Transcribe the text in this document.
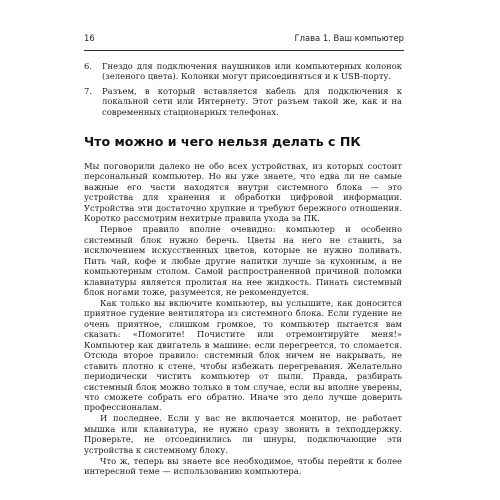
16	Глава 1. Ваш компьютер
6. Гнездо для подключения наушников или компьютерных колонок (зеленого цвета). Колонки могут присоединяться и к USB-порту.
7. Разъем, в который вставляется кабель для подключения к локальной сети или Интернету. Этот разъем такой же, как и на современных стационарных телефонах.
Что можно и чего нельзя делать с ПК

Мы поговорили далеко не обо всех устройствах, из которых состоит персональный компьютер. Но вы уже знаете, что едва ли не самые важные его части находятся внутри системного блока — это устройства для хранения и обработки цифровой информации. Устройства эти достаточно хрупкие и требуют бережного отношения. Коротко рассмотрим нехитрые правила ухода за ПК.

Первое правило вполне очевидно: компьютер и особенно системный блок нужно беречь. Цветы на него не ставить, за исключением искусственных цветов, которые не нужно поливать. Пить чай, кофе и любые другие напитки лучше за кухонным, а не компьютерным столом. Самой распространенной причиной поломки клавиатуры является пролитая на нее жидкость. Пинать системный блок ногами тоже, разумеется, не рекомендуется.

Как только вы включите компьютер, вы услышите, как доносится приятное гудение вентилятора из системного блока. Если гудение не очень приятное, слишком громкое, то компьютер пытается вам сказать: «Помогите! Почистите или отремонтируйте меня!» Компьютер как двигатель в машине: если перегреется, то сломается. Отсюда второе правило: системный блок ничем не накрывать, не ставить плотно к стене, чтобы избежать перегревания. Желательно периодически чистить компьютер от пыли. Правда, разбирать системный блок можно только в том случае, если вы вполне уверены, что сможете собрать его обратно. Иначе это дело лучше доверить профессионалам.

И последнее. Если у вас не включается монитор, не работает мышка или клавиатура, не нужно сразу звонить в техподдержку. Проверьте, не отсоединились ли шнуры, подключающие эти устройства к системному блоку.

Что ж, теперь вы знаете все необходимое, чтобы перейти к более интересной теме — использованию компьютера.
